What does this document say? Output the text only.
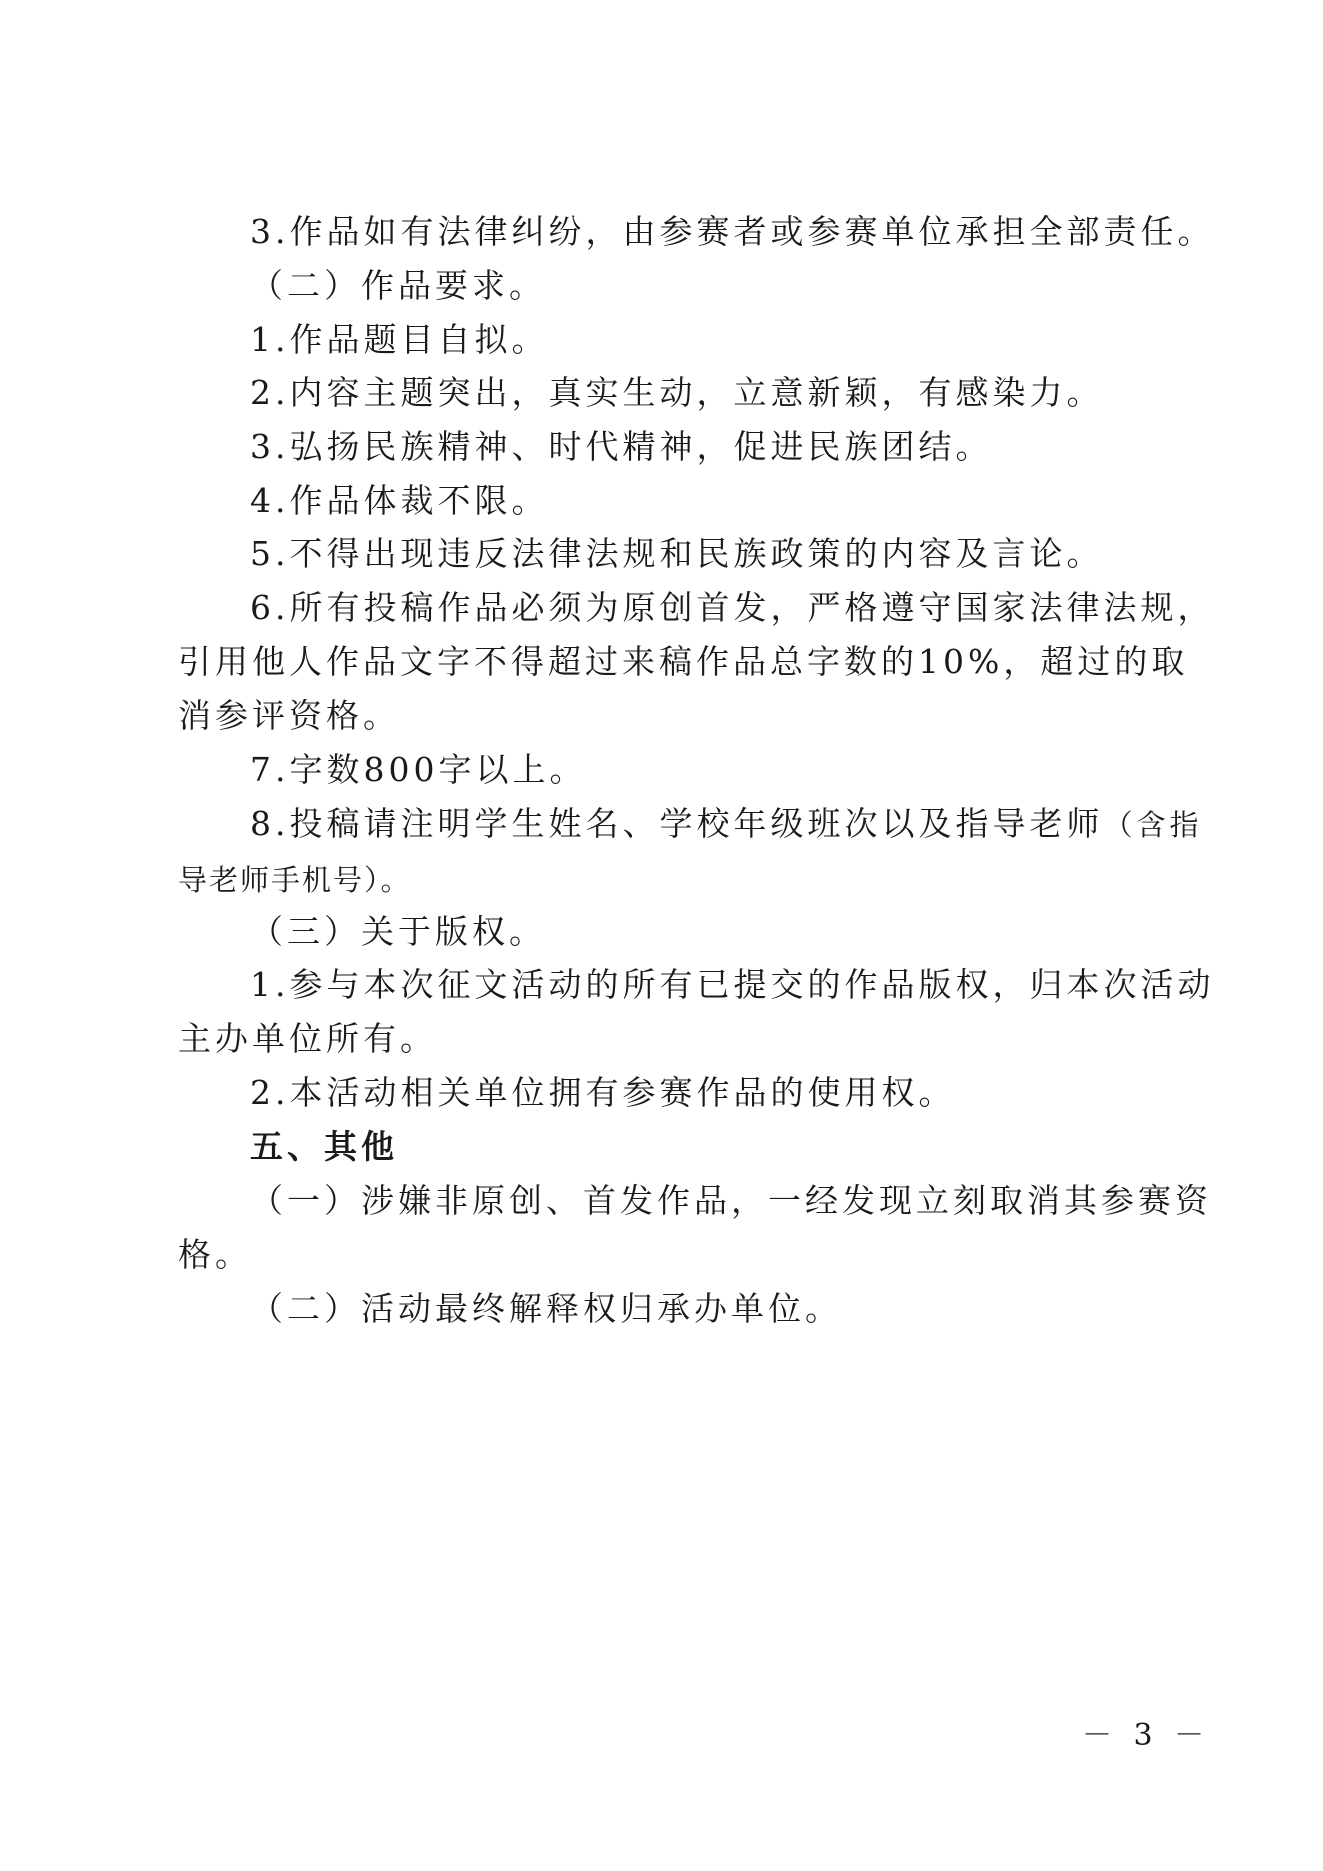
3.作品如有法律纠纷，由参赛者或参赛单位承担全部责任。
（二）作品要求。
1.作品题目自拟。
2.内容主题突出，真实生动，立意新颖，有感染力。
3.弘扬民族精神、时代精神，促进民族团结。
4.作品体裁不限。
5.不得出现违反法律法规和民族政策的内容及言论。
6.所有投稿作品必须为原创首发，严格遵守国家法律法规，
引用他人作品文字不得超过来稿作品总字数的10%，超过的取
消参评资格。
7.字数800字以上。
8.投稿请注明学生姓名、学校年级班次以及指导老师（含指
导老师手机号）。
（三）关于版权。
1.参与本次征文活动的所有已提交的作品版权，归本次活动
主办单位所有。
2.本活动相关单位拥有参赛作品的使用权。
五、其他
（一）涉嫌非原创、首发作品，一经发现立刻取消其参赛资
格。
（二）活动最终解释权归承办单位。
－ 3 －
